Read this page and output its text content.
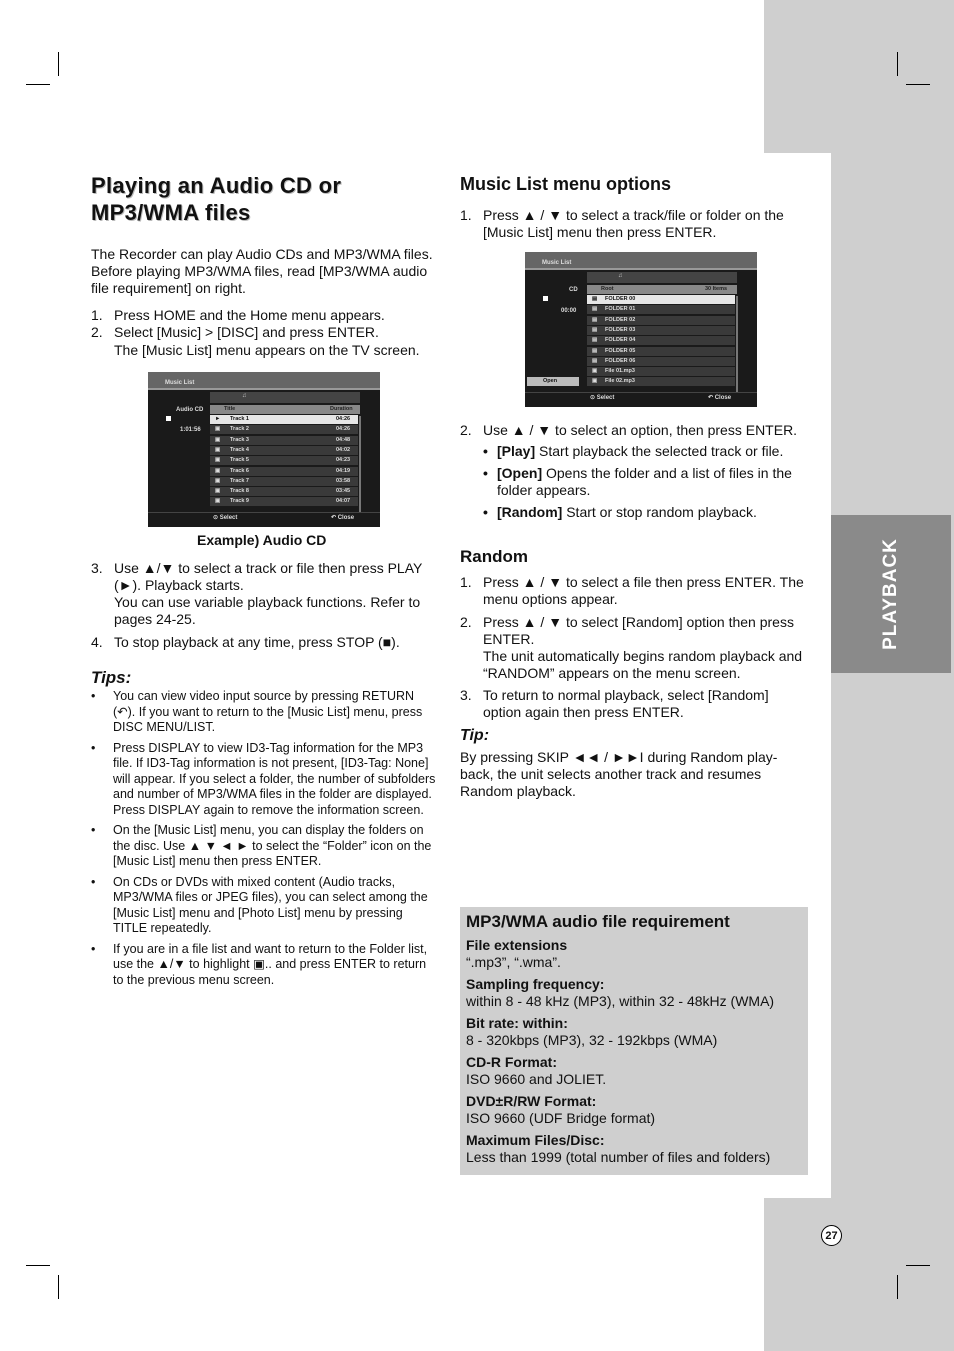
PLAYBACK
Playing an Audio CD or MP3/WMA files
The Recorder can play Audio CDs and MP3/WMA files. Before playing MP3/WMA files, read [MP3/WMA audio file requirement] on right.
1. Press HOME and the Home menu appears.
2. Select [Music] > [DISC] and press ENTER.
The [Music List] menu appears on the TV screen.
Music List
Audio CD
1:01:56
♫
Title	Duration
► Track 1	04:26
▣ Track 2	04:26
▣ Track 3	04:48
▣ Track 4	04:02
▣ Track 5	04:23
▣ Track 6	04:19
▣ Track 7	03:58
▣ Track 8	03:45
▣ Track 9	04:07
⊙ Select	↶ Close
Example) Audio CD
3. Use ▲/▼ to select a track or file then press PLAY (►). Playback starts.
You can use variable playback functions. Refer to pages 24-25.
4. To stop playback at any time, press STOP (■).
Tips:
•	You can view video input source by pressing RETURN (↶). If you want to return to the [Music List] menu, press DISC MENU/LIST.
•	Press DISPLAY to view ID3-Tag information for the MP3 file. If ID3-Tag information is not present, [ID3-Tag: None] will appear. If you select a folder, the number of subfolders and number of MP3/WMA files in the folder are displayed. Press DISPLAY again to remove the information screen.
•	On the [Music List] menu, you can display the folders on the disc. Use ▲ ▼ ◄ ► to select the “Folder” icon on the [Music List] menu then press ENTER.
•	On CDs or DVDs with mixed content (Audio tracks, MP3/WMA files or JPEG files), you can select among the [Music List] menu and [Photo List] menu by pressing TITLE repeatedly.
•	If you are in a file list and want to return to the Folder list, use the ▲/▼ to highlight ▣.. and press ENTER to return to the previous menu screen.
Music List menu options
1. Press ▲ / ▼ to select a track/file or folder on the [Music List] menu then press ENTER.
Music List
CD
00:00
♫
Root	30 Items
▤ FOLDER 00
▤ FOLDER 01
▤ FOLDER 02
▤ FOLDER 03
▤ FOLDER 04
▤ FOLDER 05
▤ FOLDER 06
▣ File 01.mp3
▣ File 02.mp3
Open
⊙ Select	↶ Close
2. Use ▲ / ▼ to select an option, then press ENTER.
• [Play] Start playback the selected track or file.
• [Open] Opens the folder and a list of files in the folder appears.
• [Random] Start or stop random playback.
Random
1. Press ▲ / ▼ to select a file then press ENTER. The menu options appear.
2. Press ▲ / ▼ to select [Random] option then press ENTER.
The unit automatically begins random playback and “RANDOM” appears on the menu screen.
3. To return to normal playback, select [Random] option again then press ENTER.
Tip:
By pressing SKIP ◄◄ / ►►I during Random play-back, the unit selects another track and resumes Random playback.
MP3/WMA audio file requirement
File extensions
“.mp3”, “.wma”.
Sampling frequency:
within 8 - 48 kHz (MP3), within 32 - 48kHz (WMA)
Bit rate: within:
8 - 320kbps (MP3), 32 - 192kbps (WMA)
CD-R Format:
ISO 9660 and JOLIET.
DVD±R/RW Format:
ISO 9660 (UDF Bridge format)
Maximum Files/Disc:
Less than 1999 (total number of files and folders)
27
